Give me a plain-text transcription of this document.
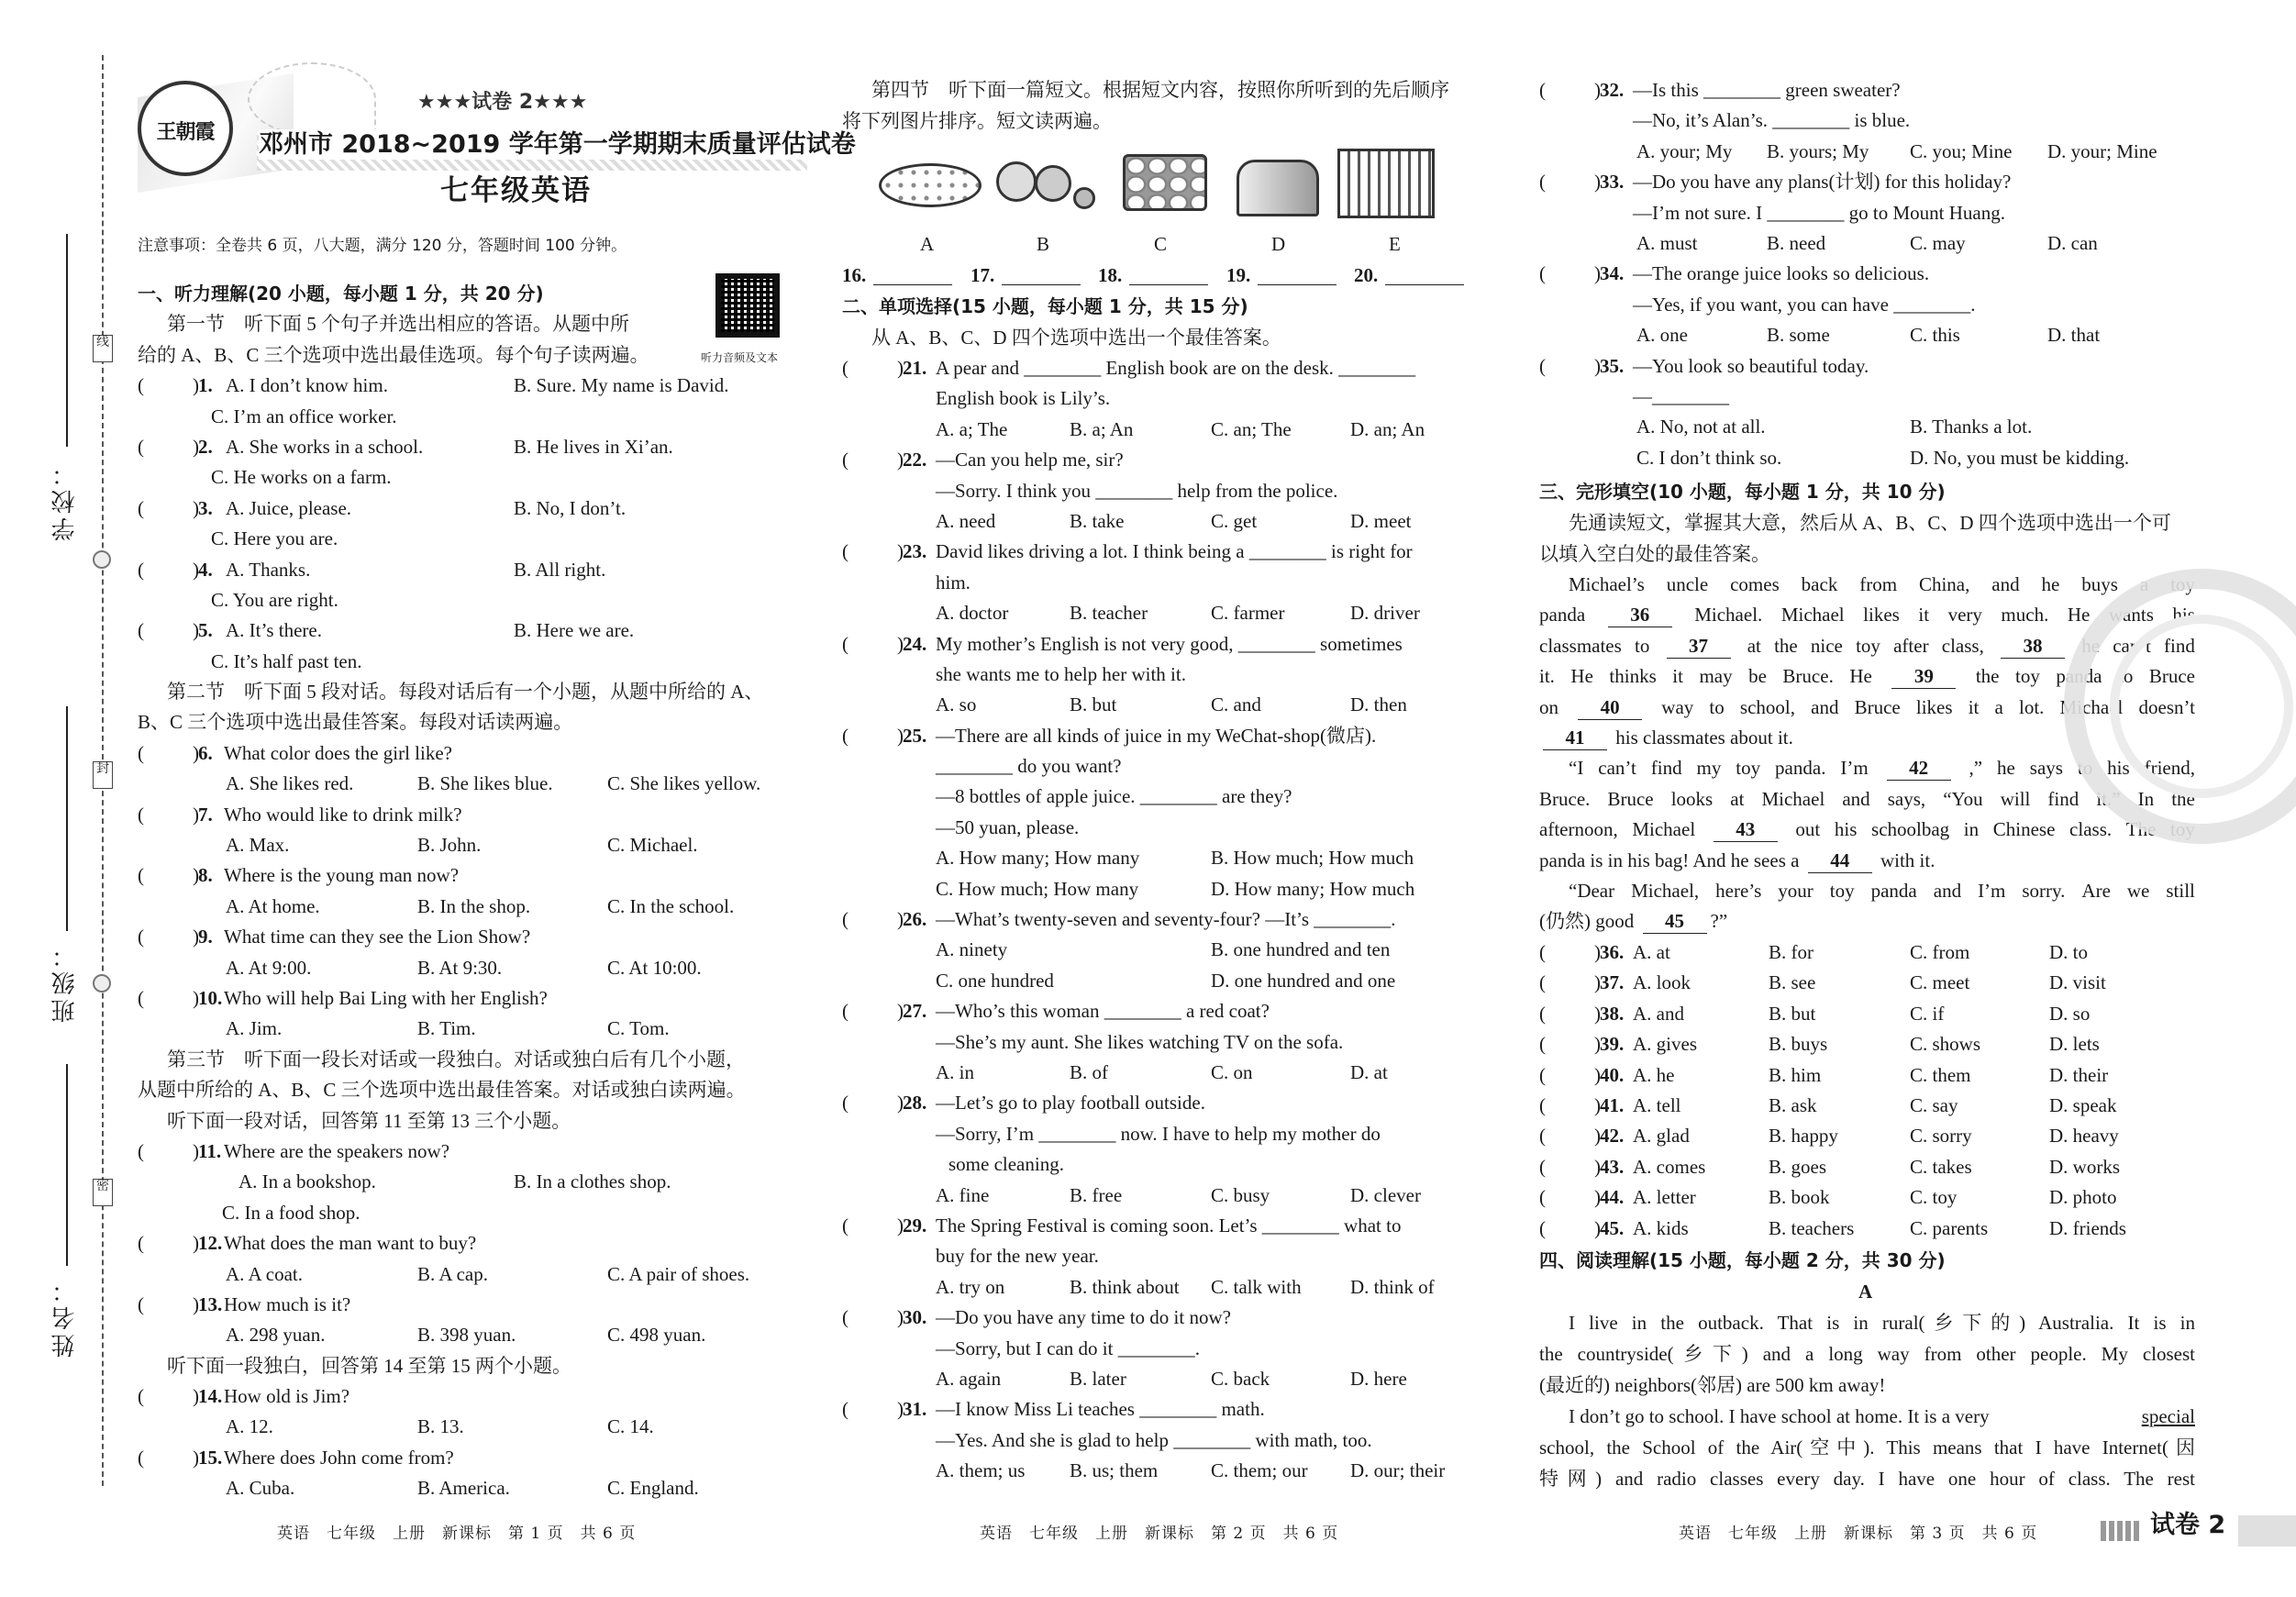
线
封
密
学校：
班级：
姓名：
王朝霞
★★★试卷 2★★★
邓州市 2018~2019 学年第一学期期末质量评估试卷
七年级英语
注意事项：全卷共 6 页，八大题，满分 120 分，答题时间 100 分钟。
听力音频及文本
一、听力理解(20 小题，每小题 1 分，共 20 分)
第一节　听下面 5 个句子并选出相应的答语。从题中所
给的 A、B、C 三个选项中选出最佳选项。每个句子读两遍。
(	) 1. A. I don’t know him.	B. Sure. My name is David.
C. I’m an office worker.
(	) 2. A. She works in a school.	B. He lives in Xi’an.
C. He works on a farm.
(	) 3. A. Juice, please.	B. No, I don’t.
C. Here you are.
(	) 4. A. Thanks.	B. All right.
C. You are right.
(	) 5. A. It’s there.	B. Here we are.
C. It’s half past ten.
第二节　听下面 5 段对话。每段对话后有一个小题，从题中所给的 A、
B、C 三个选项中选出最佳答案。每段对话读两遍。
(	) 6. What color does the girl like?
A. She likes red.	B. She likes blue.	C. She likes yellow.
(	) 7. Who would like to drink milk?
A. Max.	B. John.	C. Michael.
(	) 8. Where is the young man now?
A. At home.	B. In the shop.	C. In the school.
(	) 9. What time can they see the Lion Show?
A. At 9:00.	B. At 9:30.	C. At 10:00.
(	) 10. Who will help Bai Ling with her English?
A. Jim.	B. Tim.	C. Tom.
第三节　听下面一段长对话或一段独白。对话或独白后有几个小题，
从题中所给的 A、B、C 三个选项中选出最佳答案。对话或独白读两遍。
听下面一段对话，回答第 11 至第 13 三个小题。
(	) 11. Where are the speakers now?
A. In a bookshop.	B. In a clothes shop.
C. In a food shop.
(	) 12. What does the man want to buy?
A. A coat.	B. A cap.	C. A pair of shoes.
(	) 13. How much is it?
A. 298 yuan.	B. 398 yuan.	C. 498 yuan.
听下面一段独白，回答第 14 至第 15 两个小题。
(	) 14. How old is Jim?
A. 12.	B. 13.	C. 14.
(	) 15. Where does John come from?
A. Cuba.	B. America.	C. England.
第四节　听下面一篇短文。根据短文内容，按照你所听到的先后顺序
将下列图片排序。短文读两遍。
A	B	C	D	E
16.	17.	18.	19.	20.
二、单项选择(15 小题，每小题 1 分，共 15 分)
从 A、B、C、D 四个选项中选出一个最佳答案。
(	) 21. A pear and ________ English book are on the desk. ________
English book is Lily’s.
A. a; The	B. a; An	C. an; The	D. an; An
(	) 22. —Can you help me, sir?
—Sorry. I think you ________ help from the police.
A. need	B. take	C. get	D. meet
(	) 23. David likes driving a lot. I think being a ________ is right for
him.
A. doctor	B. teacher	C. farmer	D. driver
(	) 24. My mother’s English is not very good, ________ sometimes
she wants me to help her with it.
A. so	B. but	C. and	D. then
(	) 25. —There are all kinds of juice in my WeChat-shop(微店).
________ do you want?
—8 bottles of apple juice. ________ are they?
—50 yuan, please.
A. How many; How many	B. How much; How much
C. How much; How many	D. How many; How much
(	) 26. —What’s twenty-seven and seventy-four? —It’s ________.
A. ninety	B. one hundred and ten
C. one hundred	D. one hundred and one
(	) 27. —Who’s this woman ________ a red coat?
—She’s my aunt. She likes watching TV on the sofa.
A. in	B. of	C. on	D. at
(	) 28. —Let’s go to play football outside.
—Sorry, I’m ________ now. I have to help my mother do
some cleaning.
A. fine	B. free	C. busy	D. clever
(	) 29. The Spring Festival is coming soon. Let’s ________ what to
buy for the new year.
A. try on	B. think about C. talk with	D. think of
(	) 30. —Do you have any time to do it now?
—Sorry, but I can do it ________.
A. again	B. later	C. back	D. here
(	) 31. —I know Miss Li teaches ________ math.
—Yes. And she is glad to help ________ with math, too.
A. them; us B. us; them	C. them; our D. our; their
(	) 32. —Is this ________ green sweater?
—No, it’s Alan’s. ________ is blue.
A. your; My B. yours; My C. you; Mine D. your; Mine
(	) 33. —Do you have any plans(计划) for this holiday?
—I’m not sure. I ________ go to Mount Huang.
A. must	B. need	C. may	D. can
(	) 34. —The orange juice looks so delicious.
—Yes, if you want, you can have ________.
A. one	B. some	C. this	D. that
(	) 35. —You look so beautiful today.
—________
A. No, not at all.	B. Thanks a lot.
C. I don’t think so.	D. No, you must be kidding.
三、完形填空(10 小题，每小题 1 分，共 10 分)
先通读短文，掌握其大意，然后从 A、B、C、D 四个选项中选出一个可
以填入空白处的最佳答案。
Michael’s uncle comes back from China, and he buys a toy
panda	36	Michael. Michael likes it very much. He wants his
classmates to	37	at the nice toy after class,	38	he can’t find
it. He thinks it may be Bruce. He	39	the toy panda to Bruce
on	40	way to school, and Bruce likes it a lot. Michael doesn’t
41	his classmates about it.
“I can’t find my toy panda. I’m	42	,” he says to his friend,
Bruce. Bruce looks at Michael and says, “You will find it.” In the
afternoon, Michael	43	out his schoolbag in Chinese class. The toy
panda is in his bag! And he sees a	44	with it.
“Dear Michael, here’s your toy panda and I’m sorry. Are we still
(仍然) good	45	?”
(	) 36. A. at	B. for	C. from	D. to
(	) 37. A. look	B. see	C. meet	D. visit
(	) 38. A. and	B. but	C. if	D. so
(	) 39. A. gives	B. buys	C. shows	D. lets
(	) 40. A. he	B. him	C. them	D. their
(	) 41. A. tell	B. ask	C. say	D. speak
(	) 42. A. glad	B. happy	C. sorry	D. heavy
(	) 43. A. comes	B. goes	C. takes	D. works
(	) 44. A. letter	B. book	C. toy	D. photo
(	) 45. A. kids	B. teachers	C. parents	D. friends
四、阅读理解(15 小题，每小题 2 分，共 30 分)
A
I live in the outback. That is in rural(乡下的) Australia. It is in
the countryside(乡下) and a long way from other people. My closest
(最近的) neighbors(邻居) are 500 km away!
I don’t go to school. I have school at home. It is a very	special
school, the School of the Air(空中). This means that I have Internet(因
特网) and radio classes every day. I have one hour of class. The rest
英语　七年级　上册　新课标　第 1 页　共 6 页	英语　七年级　上册　新课标　第 2 页　共 6 页	英语　七年级　上册　新课标　第 3 页　共 6 页	试卷 2
